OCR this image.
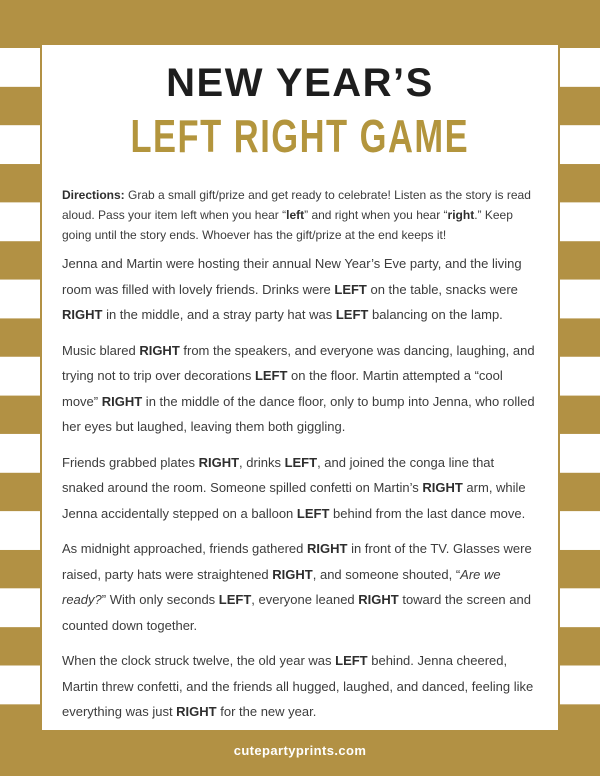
NEW YEAR’S
LEFT RIGHT GAME

Directions: Grab a small gift/prize and get ready to celebrate! Listen as the story is read aloud. Pass your item left when you hear “left” and right when you hear “right.” Keep going until the story ends. Whoever has the gift/prize at the end keeps it!

Jenna and Martin were hosting their annual New Year’s Eve party, and the living room was filled with lovely friends. Drinks were LEFT on the table, snacks were RIGHT in the middle, and a stray party hat was LEFT balancing on the lamp.

Music blared RIGHT from the speakers, and everyone was dancing, laughing, and trying not to trip over decorations LEFT on the floor. Martin attempted a “cool move” RIGHT in the middle of the dance floor, only to bump into Jenna, who rolled her eyes but laughed, leaving them both giggling.

Friends grabbed plates RIGHT, drinks LEFT, and joined the conga line that snaked around the room. Someone spilled confetti on Martin’s RIGHT arm, while Jenna accidentally stepped on a balloon LEFT behind from the last dance move.

As midnight approached, friends gathered RIGHT in front of the TV. Glasses were raised, party hats were straightened RIGHT, and someone shouted, “Are we ready?” With only seconds LEFT, everyone leaned RIGHT toward the screen and counted down together.

When the clock struck twelve, the old year was LEFT behind. Jenna cheered, Martin threw confetti, and the friends all hugged, laughed, and danced, feeling like everything was just RIGHT for the new year.

cutepartyprints.com
